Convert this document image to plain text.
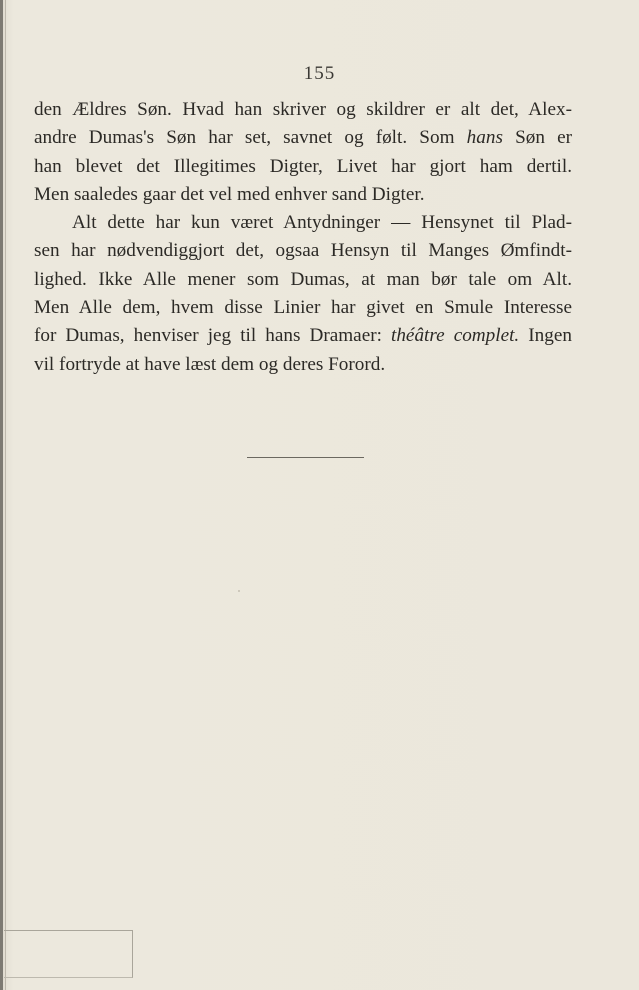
155
den Ældres Søn. Hvad han skriver og skildrer er alt det, Alex-
andre Dumas's Søn har set, savnet og følt. Som hans Søn er
han blevet det Illegitimes Digter, Livet har gjort ham dertil.
Men saaledes gaar det vel med enhver sand Digter.
Alt dette har kun været Antydninger — Hensynet til Plad-
sen har nødvendiggjort det, ogsaa Hensyn til Manges Ømfindt-
lighed. Ikke Alle mener som Dumas, at man bør tale om Alt.
Men Alle dem, hvem disse Linier har givet en Smule Interesse
for Dumas, henviser jeg til hans Dramaer: théâtre complet. Ingen
vil fortryde at have læst dem og deres Forord.
